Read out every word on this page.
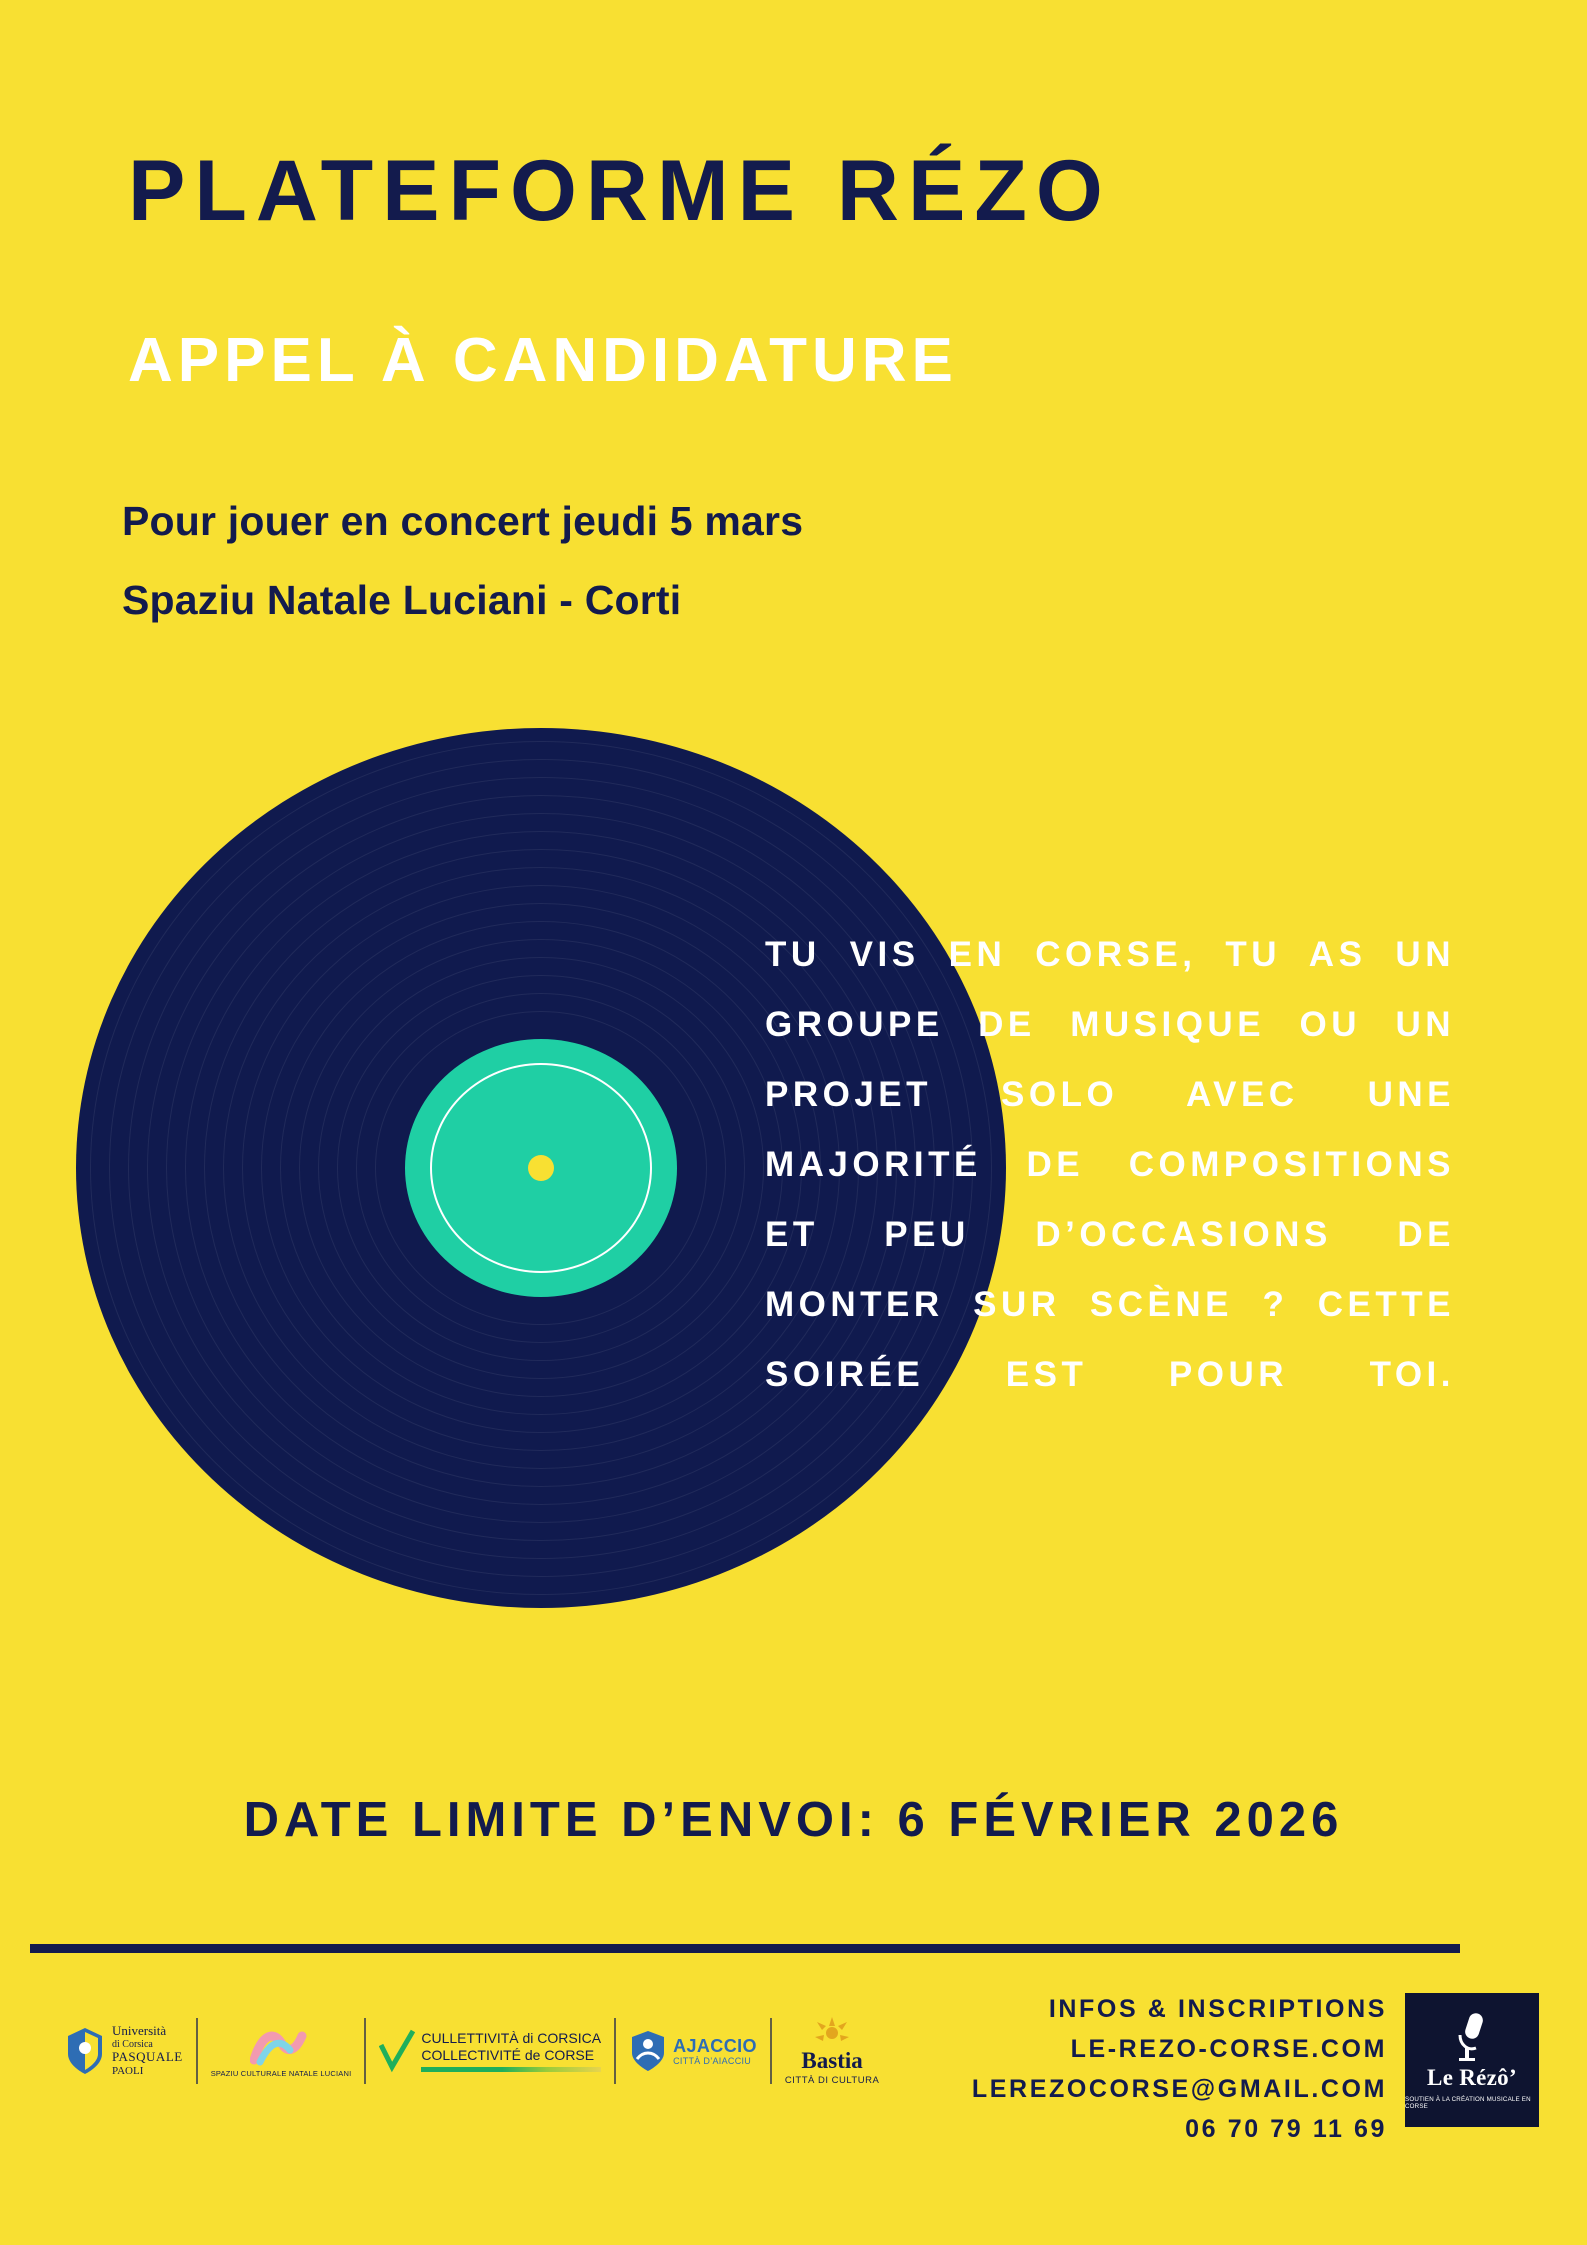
PLATEFORME RÉZO
APPEL À CANDIDATURE
Pour jouer en concert jeudi 5 mars
Spaziu Natale Luciani - Corti
TU VIS EN CORSE, TU AS UN GROUPE DE MUSIQUE OU UN PROJET SOLO AVEC UNE MAJORITÉ DE COMPOSITIONS ET PEU D’OCCASIONS DE MONTER SUR SCÈNE ? CETTE SOIRÉE EST POUR TOI.
DATE LIMITE D’ENVOI: 6 FÉVRIER 2026
Università
di Corsica
PASQUALE
PAOLI	SPAZIU CULTURALE NATALE LUCIANI
CULLETTIVITÀ di CORSICA
COLLECTIVITÉ de CORSE	AJACCIO
CITTÀ D’AIACCIU Bastia
CITTÀ DI CULTURA
INFOS & INSCRIPTIONS
LE-REZO-CORSE.COM
LEREZOCORSE@GMAIL.COM
06 70 79 11 69
Le Rézô’
SOUTIEN À LA CRÉATION MUSICALE EN CORSE
